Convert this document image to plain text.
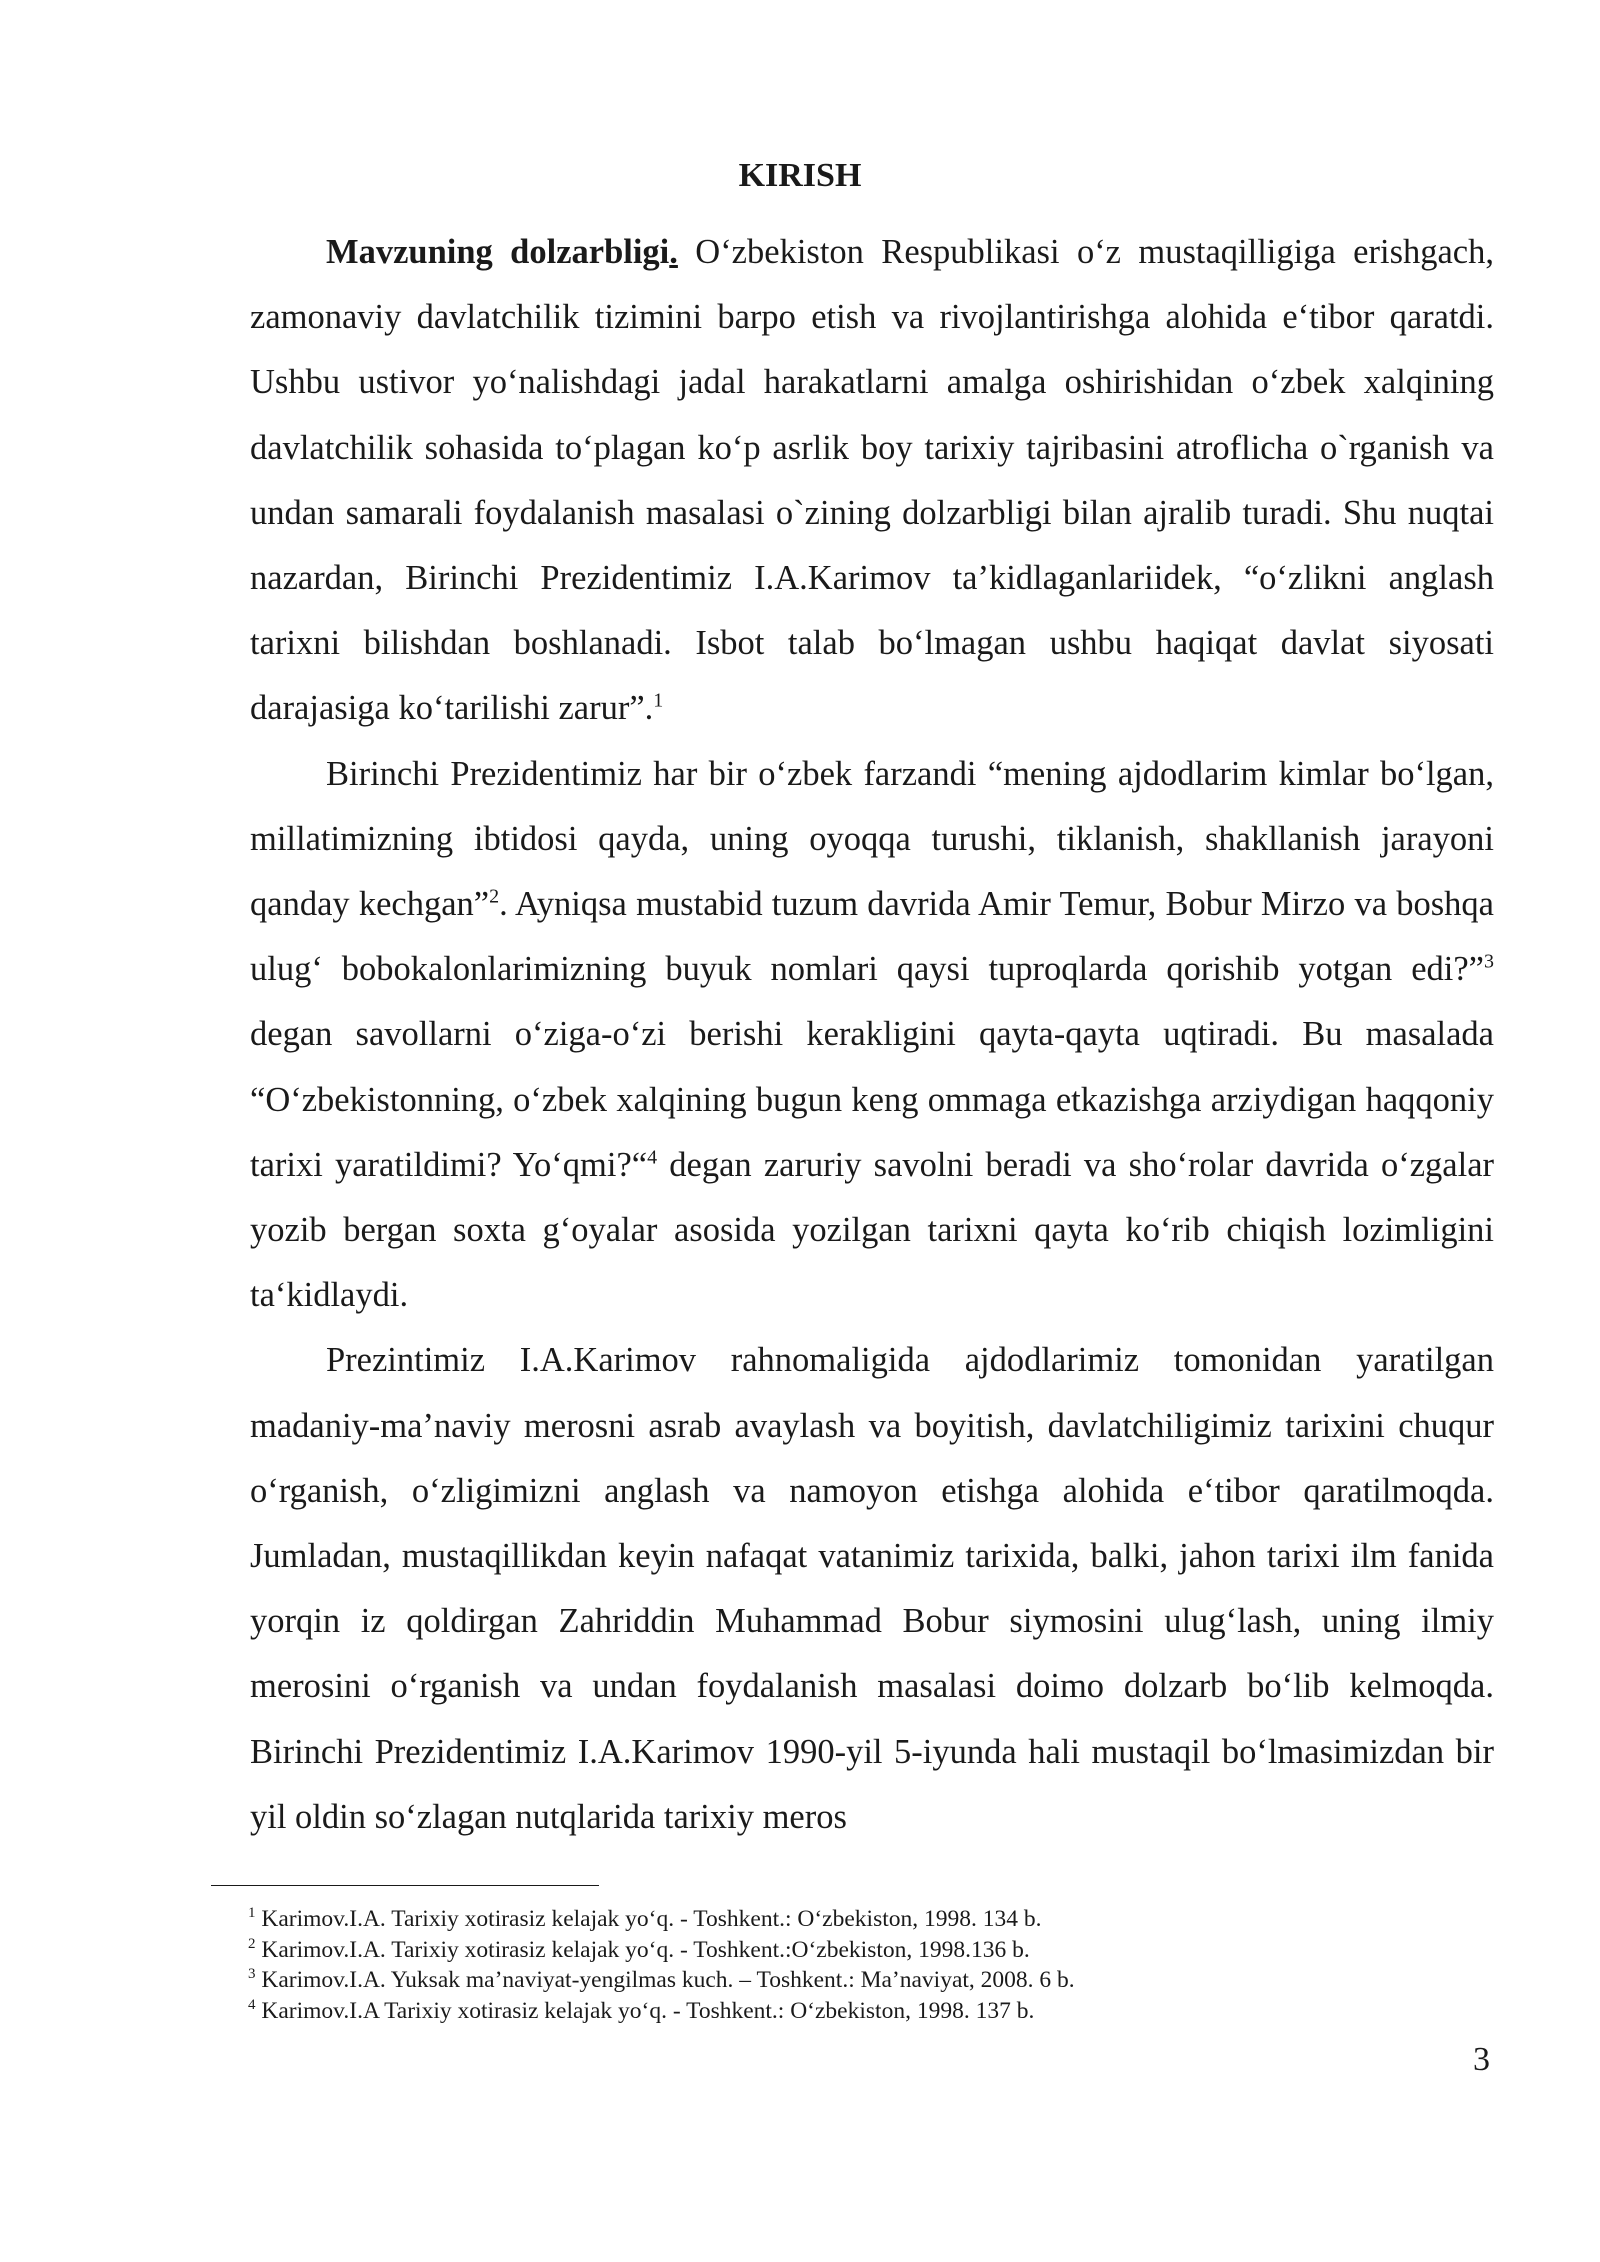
KIRISH

Mavzuning dolzarbligi. O‘zbekiston Respublikasi o‘z mustaqilligiga erishgach, zamonaviy davlatchilik tizimini barpo etish va rivojlantirishga alohida e‘tibor qaratdi. Ushbu ustivor yo‘nalishdagi jadal harakatlarni amalga oshirishidan o‘zbek xalqining davlatchilik sohasida to‘plagan ko‘p asrlik boy tarixiy tajribasini atroflicha o`rganish va undan samarali foydalanish masalasi o`zining dolzarbligi bilan ajralib turadi. Shu nuqtai nazardan, Birinchi Prezidentimiz I.A.Karimov ta’kidlaganlariidek, “o‘zlikni anglash tarixni bilishdan boshlanadi. Isbot talab bo‘lmagan ushbu haqiqat davlat siyosati darajasiga ko‘tarilishi zarur”.$^1$

Birinchi Prezidentimiz har bir o‘zbek farzandi “mening ajdodlarim kimlar bo‘lgan, millatimizning ibtidosi qayda, uning oyoqqa turushi, tiklanish, shakllanish jarayoni qanday kechgan”$^2$. Ayniqsa mustabid tuzum davrida Amir Temur, Bobur Mirzo va boshqa ulug‘ bobokalonlarimizning buyuk nomlari qaysi tuproqlarda qorishib yotgan edi?”$^3$ degan savollarni o‘ziga-o‘zi berishi kerakligini qayta-qayta uqtiradi. Bu masalada “O‘zbekistonning, o‘zbek xalqining bugun keng ommaga etkazishga arziydigan haqqoniy tarixi yaratildimi? Yo‘qmi?“$^4$ degan zaruriy savolni beradi va sho‘rolar davrida o‘zgalar yozib bergan soxta g‘oyalar asosida yozilgan tarixni qayta ko‘rib chiqish lozimligini ta‘kidlaydi.

Prezintimiz I.A.Karimov rahnomaligida ajdodlarimiz tomonidan yaratilgan madaniy-ma’naviy merosni asrab avaylash va boyitish, davlatchiligimiz tarixini chuqur o‘rganish, o‘zligimizni anglash va namoyon etishga alohida e‘tibor qaratilmoqda. Jumladan, mustaqillikdan keyin nafaqat vatanimiz tarixida, balki, jahon tarixi ilm fanida yorqin iz qoldirgan Zahriddin Muhammad Bobur siymosini ulug‘lash, uning ilmiy merosini o‘rganish va undan foydalanish masalasi doimo dolzarb bo‘lib kelmoqda. Birinchi Prezidentimiz I.A.Karimov 1990-yil 5-iyunda hali mustaqil bo‘lmasimizdan bir yil oldin so‘zlagan nutqlarida tarixiy meros

$^1$ Karimov.I.A. Tarixiy xotirasiz kelajak yo‘q. - Toshkent.: O‘zbekiston, 1998. 134 b.

$^2$ Karimov.I.A. Tarixiy xotirasiz kelajak yo‘q. - Toshkent.:O‘zbekiston, 1998.136 b.

$^3$ Karimov.I.A. Yuksak ma’naviyat-yengilmas kuch. – Toshkent.: Ma’naviyat, 2008. 6 b.

$^4$ Karimov.I.A Tarixiy xotirasiz kelajak yo‘q. - Toshkent.: O‘zbekiston, 1998. 137 b.

3
